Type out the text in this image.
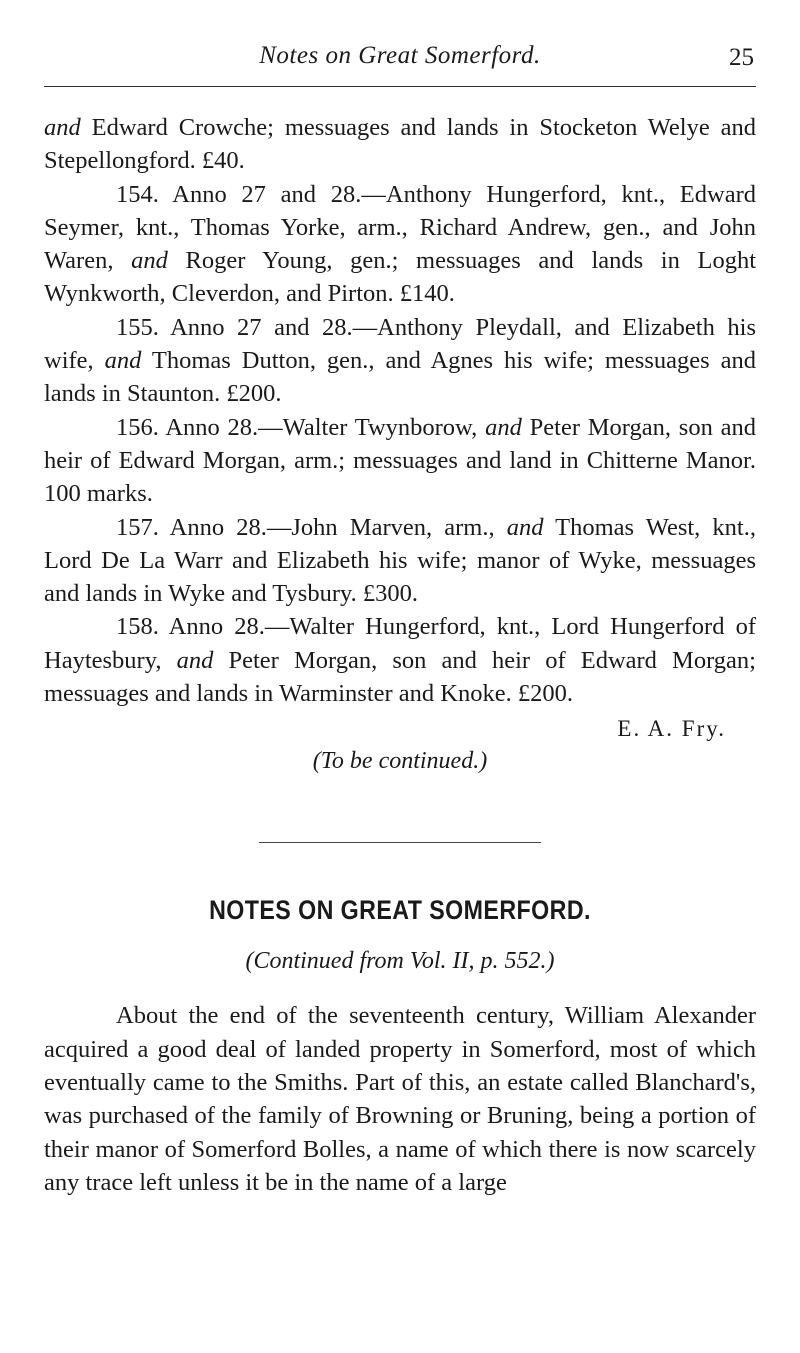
Notes on Great Somerford.	25

and Edward Crowche; messuages and lands in Stocketon Welye and Stepellongford. £40.

154. Anno 27 and 28.—Anthony Hungerford, knt., Edward Seymer, knt., Thomas Yorke, arm., Richard Andrew, gen., and John Waren, and Roger Young, gen.; messuages and lands in Loght Wynkworth, Cleverdon, and Pirton. £140.

155. Anno 27 and 28.—Anthony Pleydall, and Elizabeth his wife, and Thomas Dutton, gen., and Agnes his wife; messuages and lands in Staunton. £200.

156. Anno 28.—Walter Twynborow, and Peter Morgan, son and heir of Edward Morgan, arm.; messuages and land in Chitterne Manor. 100 marks.

157. Anno 28.—John Marven, arm., and Thomas West, knt., Lord De La Warr and Elizabeth his wife; manor of Wyke, messuages and lands in Wyke and Tysbury. £300.

158. Anno 28.—Walter Hungerford, knt., Lord Hungerford of Haytesbury, and Peter Morgan, son and heir of Edward Morgan; messuages and lands in Warminster and Knoke. £200.

E. A. Fry.

(To be continued.)

NOTES ON GREAT SOMERFORD.
(Continued from Vol. II, p. 552.)

About the end of the seventeenth century, William Alexander acquired a good deal of landed property in Somerford, most of which eventually came to the Smiths. Part of this, an estate called Blanchard's, was purchased of the family of Browning or Bruning, being a portion of their manor of Somerford Bolles, a name of which there is now scarcely any trace left unless it be in the name of a large
